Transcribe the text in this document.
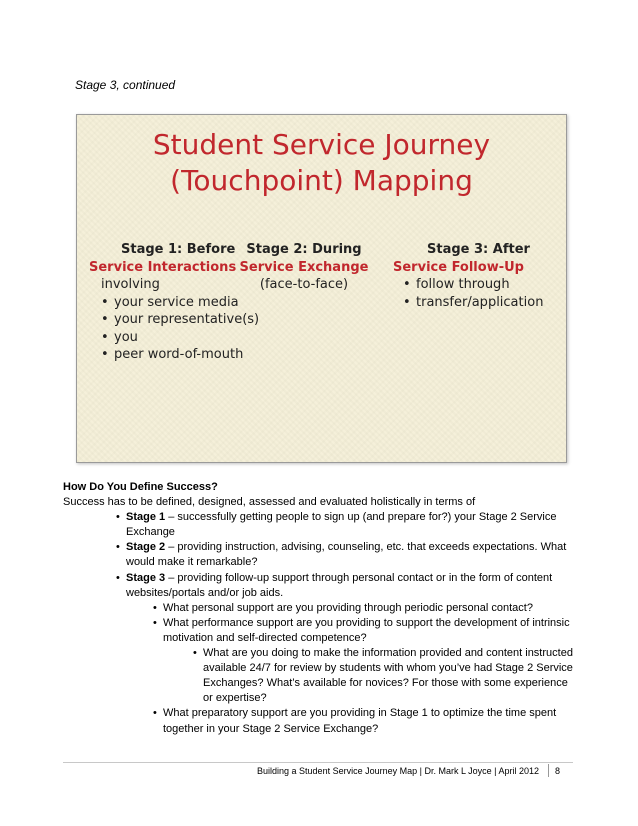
Stage 3, continued
Student Service Journey
(Touchpoint) Mapping
Stage 1: Before
Service Interactions
involving
• your service media
• your representative(s)
• you
• peer word-of-mouth
Stage 2: During
Service Exchange
(face-to-face)
Stage 3: After
Service Follow-Up
• follow through
• transfer/application
How Do You Define Success?
Success has to be defined, designed, assessed and evaluated holistically in terms of
• Stage 1 – successfully getting people to sign up (and prepare for?) your Stage 2 Service Exchange
• Stage 2 – providing instruction, advising, counseling, etc. that exceeds expectations. What would make it remarkable?
• Stage 3 – providing follow-up support through personal contact or in the form of content websites/portals and/or job aids.
• What personal support are you providing through periodic personal contact?
• What performance support are you providing to support the development of intrinsic motivation and self-directed competence?
• What are you doing to make the information provided and content instructed available 24/7 for review by students with whom you’ve had Stage 2 Service Exchanges? What’s available for novices? For those with some experience or expertise?
• What preparatory support are you providing in Stage 1 to optimize the time spent together in your Stage 2 Service Exchange?
Building a Student Service Journey Map | Dr. Mark L Joyce | April 2012 8
